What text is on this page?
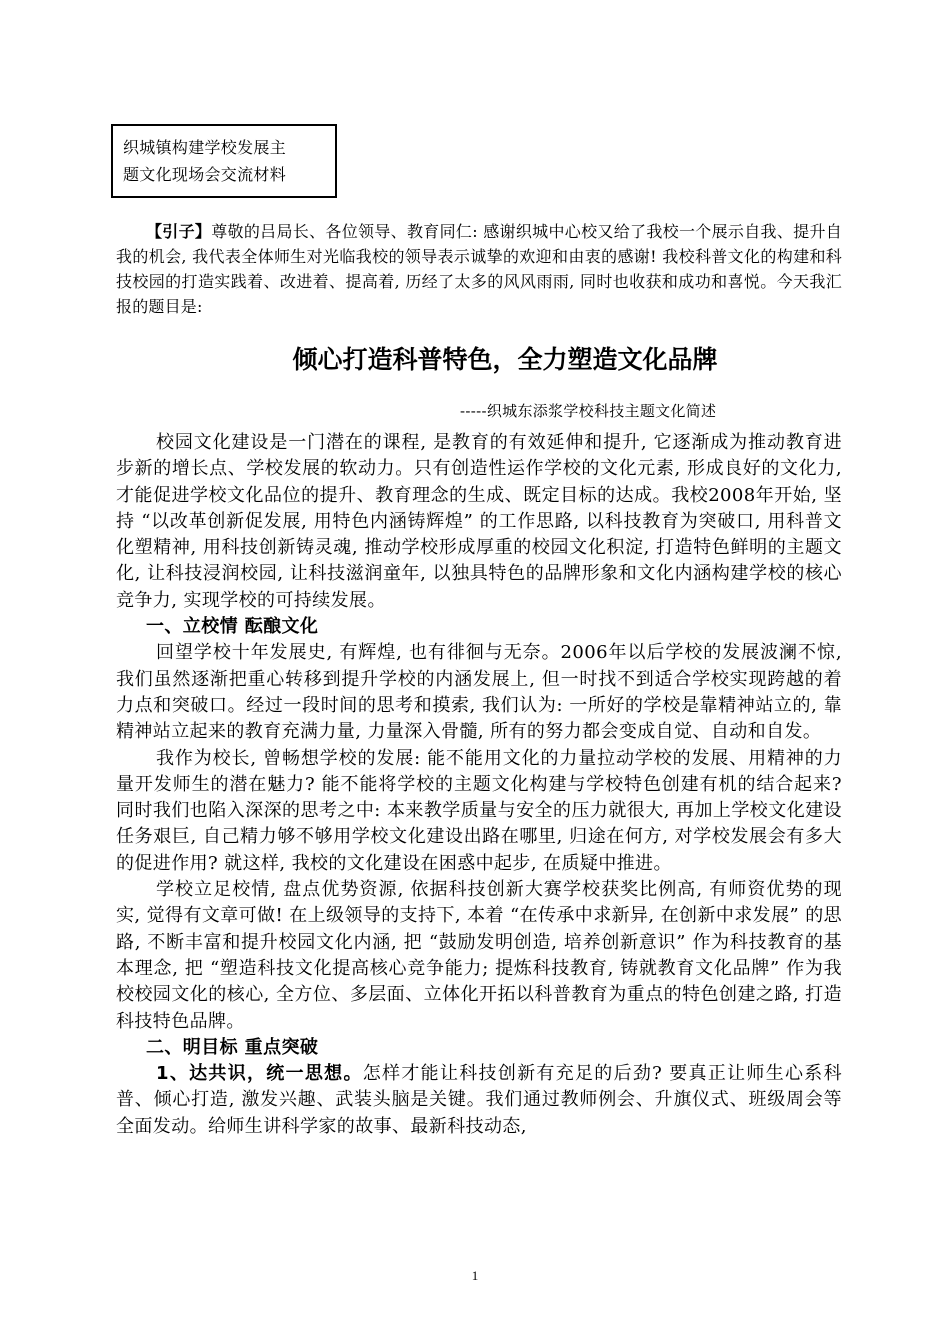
织城镇构建学校发展主
题文化现场会交流材料
【引子】尊敬的吕局长、各位领导、教育同仁: 感谢织城中心校又给了我校一个展示自我、提升自我的机会, 我代表全体师生对光临我校的领导表示诚挚的欢迎和由衷的感谢! 我校科普文化的构建和科技校园的打造实践着、改进着、提高着, 历经了太多的风风雨雨, 同时也收获和成功和喜悦。今天我汇报的题目是:
倾心打造科普特色，全力塑造文化品牌
-----织城东添浆学校科技主题文化简述

校园文化建设是一门潜在的课程, 是教育的有效延伸和提升, 它逐渐成为推动教育进步新的增长点、学校发展的软动力。只有创造性运作学校的文化元素, 形成良好的文化力, 才能促进学校文化品位的提升、教育理念的生成、既定目标的达成。我校2008年开始, 坚持 “以改革创新促发展, 用特色内涵铸辉煌” 的工作思路, 以科技教育为突破口, 用科普文化塑精神, 用科技创新铸灵魂, 推动学校形成厚重的校园文化积淀, 打造特色鲜明的主题文化, 让科技浸润校园, 让科技滋润童年, 以独具特色的品牌形象和文化内涵构建学校的核心竞争力, 实现学校的可持续发展。

一、立校情 酝酿文化

回望学校十年发展史, 有辉煌, 也有徘徊与无奈。2006年以后学校的发展波澜不惊, 我们虽然逐渐把重心转移到提升学校的内涵发展上, 但一时找不到适合学校实现跨越的着力点和突破口。经过一段时间的思考和摸索, 我们认为: 一所好的学校是靠精神站立的, 靠精神站立起来的教育充满力量, 力量深入骨髓, 所有的努力都会变成自觉、自动和自发。

我作为校长, 曾畅想学校的发展: 能不能用文化的力量拉动学校的发展、用精神的力量开发师生的潜在魅力? 能不能将学校的主题文化构建与学校特色创建有机的结合起来? 同时我们也陷入深深的思考之中: 本来教学质量与安全的压力就很大, 再加上学校文化建设任务艰巨, 自己精力够不够用学校文化建设出路在哪里, 归途在何方, 对学校发展会有多大的促进作用? 就这样, 我校的文化建设在困惑中起步, 在质疑中推进。

学校立足校情, 盘点优势资源, 依据科技创新大赛学校获奖比例高, 有师资优势的现实, 觉得有文章可做! 在上级领导的支持下, 本着 “在传承中求新异, 在创新中求发展” 的思路, 不断丰富和提升校园文化内涵, 把 “鼓励发明创造, 培养创新意识” 作为科技教育的基本理念, 把 “塑造科技文化提高核心竞争能力; 提炼科技教育, 铸就教育文化品牌” 作为我校校园文化的核心, 全方位、多层面、立体化开拓以科普教育为重点的特色创建之路, 打造科技特色品牌。

二、明目标 重点突破

1、达共识，统一思想。怎样才能让科技创新有充足的后劲? 要真正让师生心系科普、倾心打造, 激发兴趣、武装头脑是关键。我们通过教师例会、升旗仪式、班级周会等全面发动。给师生讲科学家的故事、最新科技动态,

1
